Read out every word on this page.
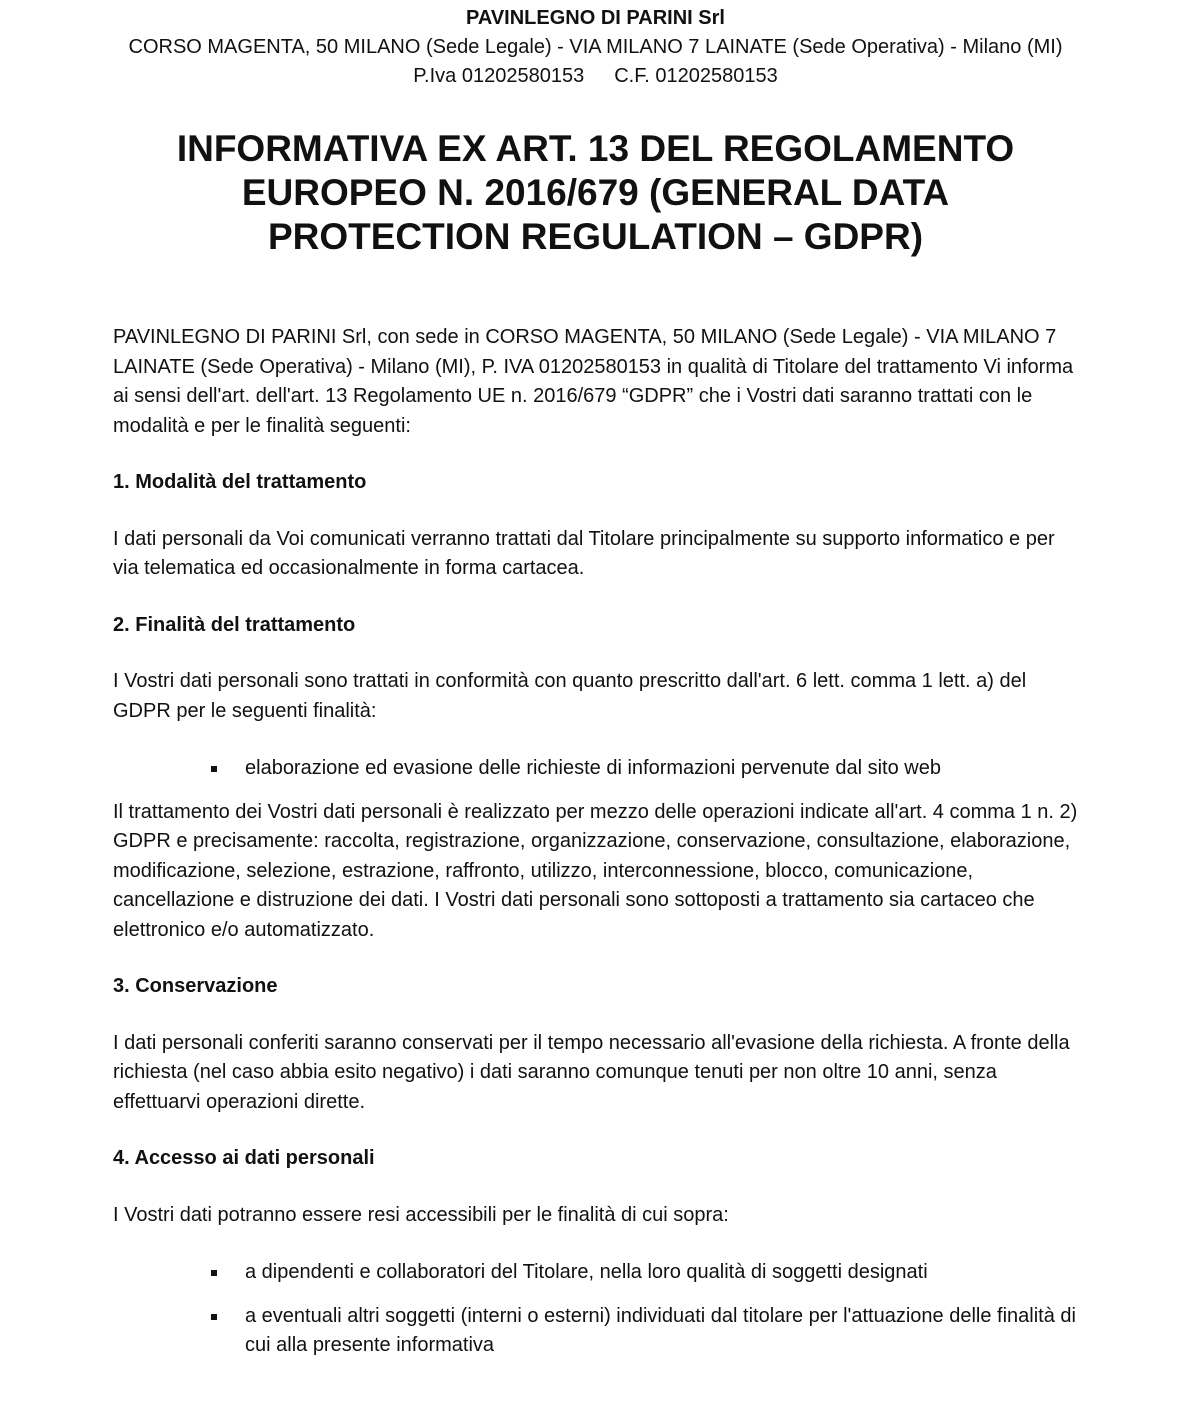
PAVINLEGNO DI PARINI Srl
CORSO MAGENTA, 50 MILANO (Sede Legale) - VIA MILANO 7 LAINATE (Sede Operativa) - Milano (MI)
P.Iva 01202580153 C.F. 01202580153
INFORMATIVA EX ART. 13 DEL REGOLAMENTO EUROPEO N. 2016/679 (GENERAL DATA PROTECTION REGULATION – GDPR)

PAVINLEGNO DI PARINI Srl, con sede in CORSO MAGENTA, 50 MILANO (Sede Legale) - VIA MILANO 7 LAINATE (Sede Operativa) - Milano (MI), P. IVA 01202580153 in qualità di Titolare del trattamento Vi informa ai sensi dell'art. dell'art. 13 Regolamento UE n. 2016/679 “GDPR” che i Vostri dati saranno trattati con le modalità e per le finalità seguenti:

1. Modalità del trattamento

I dati personali da Voi comunicati verranno trattati dal Titolare principalmente su supporto informatico e per via telematica ed occasionalmente in forma cartacea.

2. Finalità del trattamento

I Vostri dati personali sono trattati in conformità con quanto prescritto dall'art. 6 lett. comma 1 lett. a) del GDPR per le seguenti finalità:

elaborazione ed evasione delle richieste di informazioni pervenute dal sito web

Il trattamento dei Vostri dati personali è realizzato per mezzo delle operazioni indicate all'art. 4 comma 1 n. 2) GDPR e precisamente: raccolta, registrazione, organizzazione, conservazione, consultazione, elaborazione, modificazione, selezione, estrazione, raffronto, utilizzo, interconnessione, blocco, comunicazione, cancellazione e distruzione dei dati. I Vostri dati personali sono sottoposti a trattamento sia cartaceo che elettronico e/o automatizzato.

3. Conservazione

I dati personali conferiti saranno conservati per il tempo necessario all'evasione della richiesta. A fronte della richiesta (nel caso abbia esito negativo) i dati saranno comunque tenuti per non oltre 10 anni, senza effettuarvi operazioni dirette.

4. Accesso ai dati personali

I Vostri dati potranno essere resi accessibili per le finalità di cui sopra:

a dipendenti e collaboratori del Titolare, nella loro qualità di soggetti designati
a eventuali altri soggetti (interni o esterni) individuati dal titolare per l'attuazione delle finalità di cui alla presente informativa
